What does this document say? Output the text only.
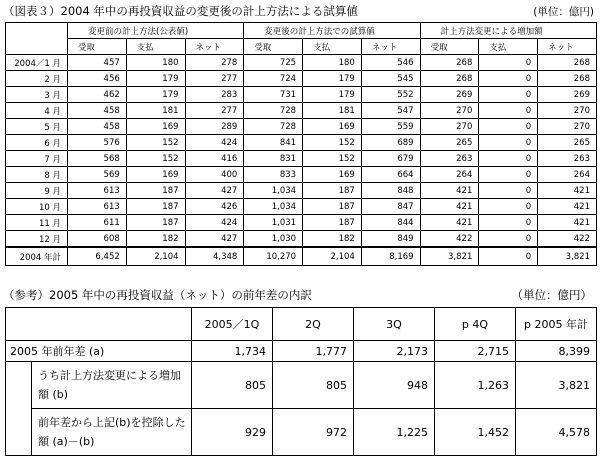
（図表３）2004 年中の再投資収益の変更後の計上方法による試算値	(単位：億円)
	変更前の計上方法(公表値)			変更後の計上方法での試算値			計上方法変更による増加額		
	受取	支払	ネット	受取	支払	ネット	受取	支払	ネット
2004／1 月	457	180	278	725	180	546	268	0	268
2 月	456	179	277	724	179	545	268	0	268
3 月	462	179	283	731	179	552	269	0	269
4 月	458	181	277	728	181	547	270	0	270
5 月	458	169	289	728	169	559	270	0	270
6 月	576	152	424	841	152	689	265	0	265
7 月	568	152	416	831	152	679	263	0	263
8 月	569	169	400	833	169	664	264	0	264
9 月	613	187	427	1,034	187	848	421	0	421
10 月	613	187	426	1,034	187	847	421	0	421
11 月	611	187	424	1,031	187	844	421	0	421
12 月	608	182	427	1,030	182	849	422	0	422
2004 年計	6,452	2,104	4,348	10,270	2,104	8,169	3,821	0	3,821
（参考）2005 年中の再投資収益（ネット）の前年差の内訳	（単位：億円）
		2005／1Q	2Q	3Q	p 4Q	p 2005 年計
2005 年前年差 (a)		1,734	1,777	2,173	2,715	8,399
	うち計上方法変更による増加額 (b)	805	805	948	1,263	3,821
	前年差から上記(b)を控除した額 (a)－(b)	929	972	1,225	1,452	4,578
